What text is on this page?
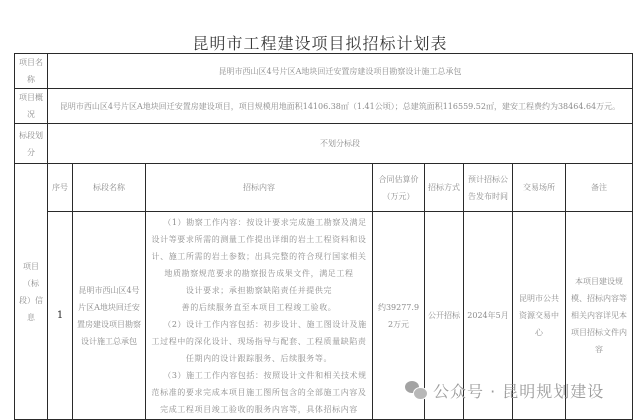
昆明市工程建设项目拟招标计划表
项目名称	昆明市西山区4号片区A地块回迁安置房建设项目勘察设计施工总承包							
项目概况	昆明市西山区4号片区A地块回迁安置房建设项目，项目规模用地面积14106.38㎡（1.41公顷）；总建筑面积116559.52㎡，建安工程费约为38464.64万元。							
标段划分	不划分标段							
项目（标段）信息	序号	标段名称	招标内容	合同估算价（万元）	招标方式	预计招标公告发布时间	交易场所	备注
	1	昆明市西山区4号片区A地块回迁安置房建设项目勘察设计施工总承包	（1）勘察工作内容：按设计要求完成施工勘察及满足设计等要求所需的测量工作提出详细的岩土工程资料和设计、施工所需的岩土参数；出具完整的符合现行国家相关地质勘察规范要求的勘察报告成果文件，满足工程

设计要求；承担勘察缺陷责任并提供完

善的后续服务直至本项目工程竣工验收。

（2）设计工作内容包括：初步设计、施工图设计及施工过程中的深化设计、现场指导与配套、工程质量缺陷责任期内的设计跟踪服务、后续服务等。

（3）施工工作内容包括：按照设计文件和相关技术规范标准的要求完成本项目施工图所包含的全部施工内容及完成工程项目竣工验收的服务内容等，具体招标内容	约39277.92万元	公开招标	2024年5月	昆明市公共资源交易中心	本项目建设规模、招标内容等相关内容详见本项目招标文件内容
公众号 · 昆明规划建设
